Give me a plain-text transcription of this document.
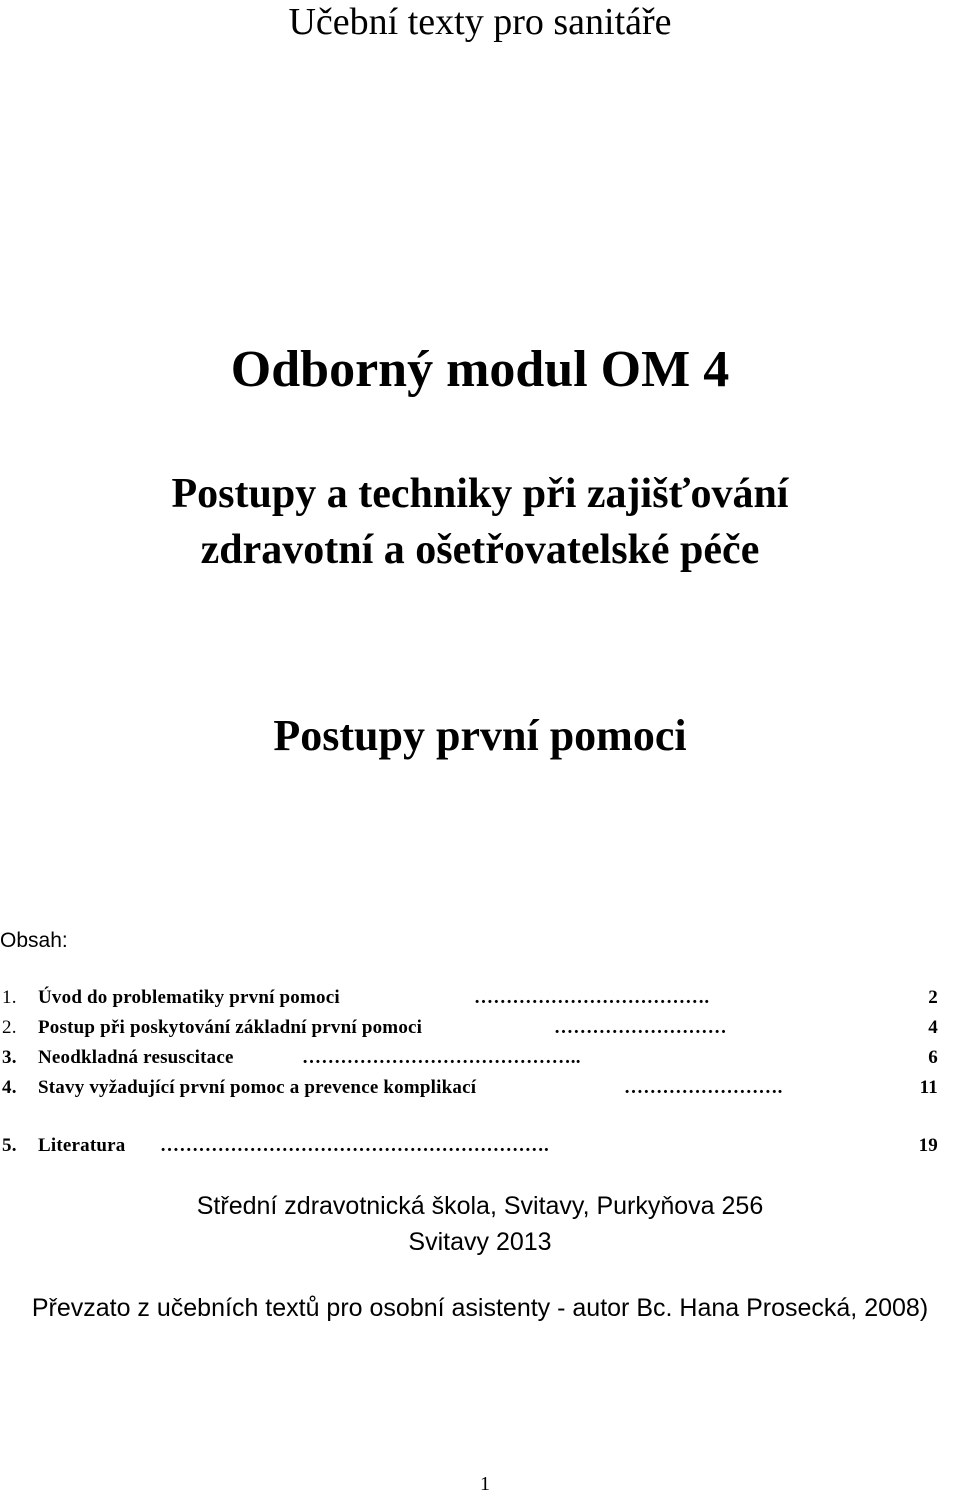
Učební texty pro sanitáře
Odborný modul OM 4
Postupy a techniky při zajišťování
zdravotní a ošetřovatelské péče
Postupy první pomoci
Obsah:
1. Úvod do problematiky první pomoci	……………………………….	2
2. Postup při poskytování základní první pomoci	………………………	4
3. Neodkladná resuscitace	……………………………………..	6
4. Stavy vyžadující první pomoc a prevence komplikací	…………………….	11
5. Literatura …………………………………………………….	19
Střední zdravotnická škola, Svitavy, Purkyňova 256
Svitavy 2013
Převzato z učebních textů pro osobní asistenty - autor Bc. Hana Prosecká, 2008)
1
